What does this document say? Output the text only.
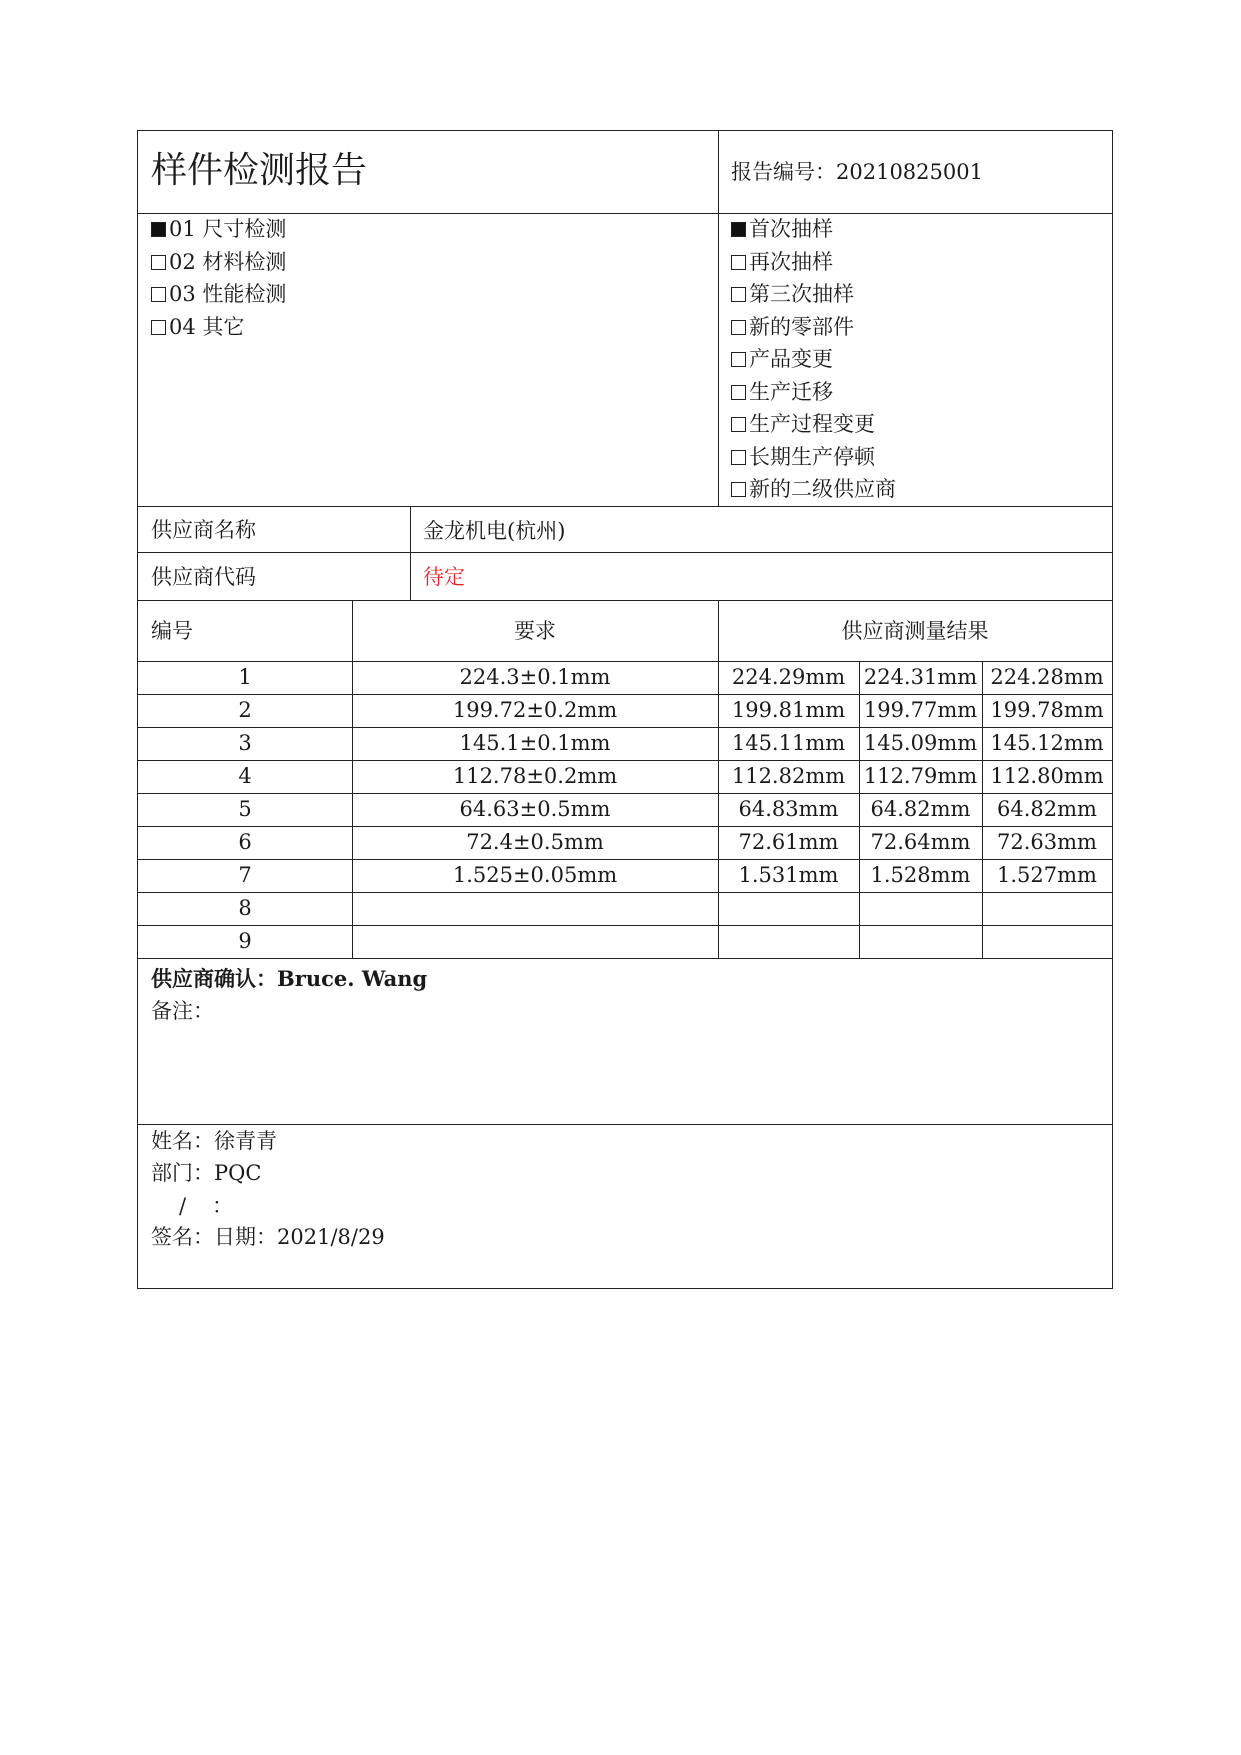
样件检测报告	报告编号：20210825001
01 尺寸检测
02 材料检测
03 性能检测
04 其它
首次抽样
再次抽样
第三次抽样
新的零部件
产品变更
生产迁移
生产过程变更
长期生产停顿
新的二级供应商
供应商名称	金龙机电(杭州)
供应商代码	待定
编号	要求	供应商测量结果
1	224.3±0.1mm	224.29mm 224.31mm 224.28mm
2	199.72±0.2mm	199.81mm 199.77mm 199.78mm
3	145.1±0.1mm	145.11mm 145.09mm 145.12mm
4	112.78±0.2mm	112.82mm 112.79mm 112.80mm
5	64.63±0.5mm	64.83mm	64.82mm	64.82mm
6	72.4±0.5mm	72.61mm	72.64mm	72.63mm
7	1.525±0.05mm	1.531mm	1.528mm	1.527mm
8
9
供应商确认：Bruce. Wang
备注：
姓名：徐青青
部门：PQC
/ ：
签名：日期：2021/8/29
